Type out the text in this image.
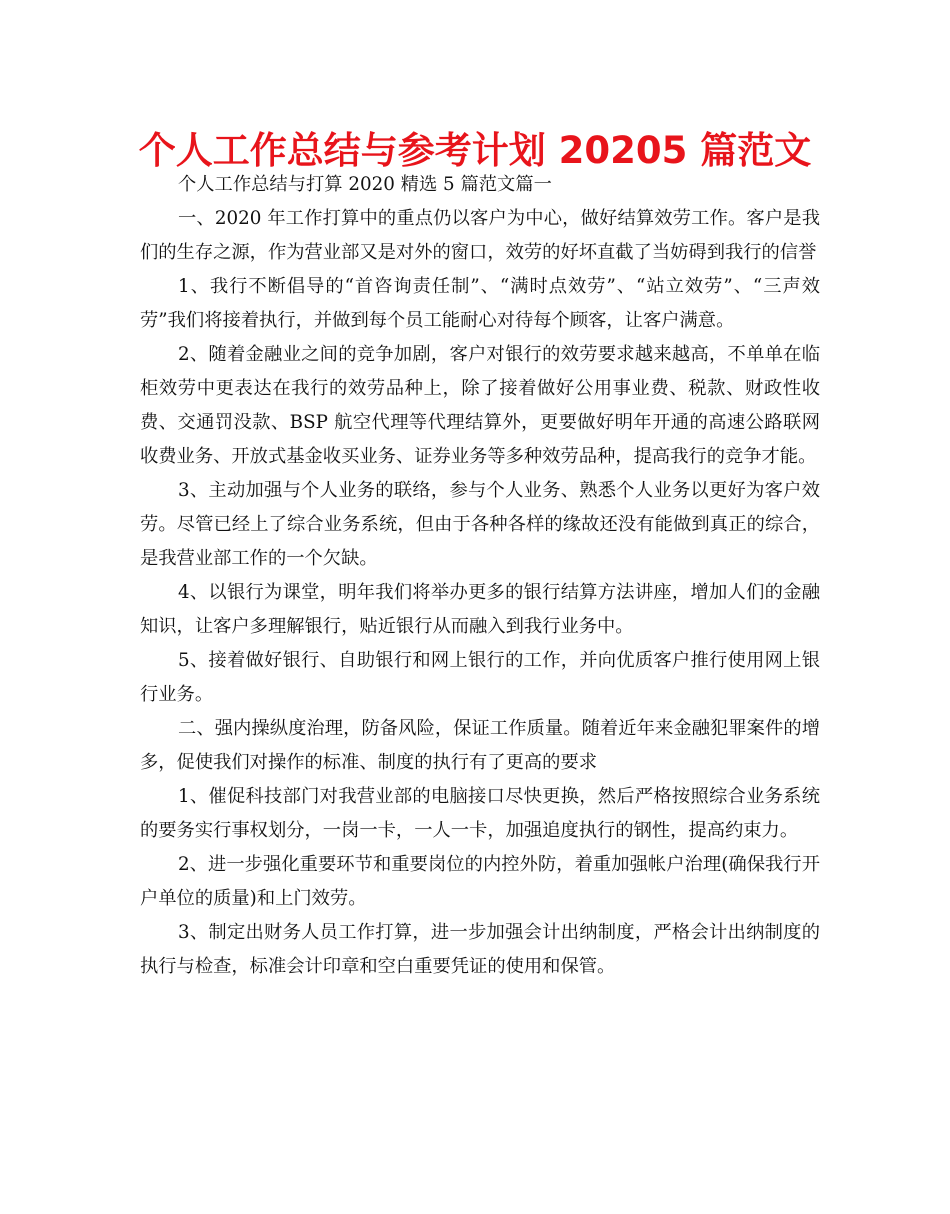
个人工作总结与参考计划 20205 篇范文

个人工作总结与打算 2020 精选 5 篇范文篇一

一、2020 年工作打算中的重点仍以客户为中心，做好结算效劳工作。客户是我们的生存之源，作为营业部又是对外的窗口，效劳的好坏直截了当妨碍到我行的信誉

1、我行不断倡导的“首咨询责任制”、“满时点效劳”、“站立效劳”、“三声效劳”我们将接着执行，并做到每个员工能耐心对待每个顾客，让客户满意。

2、随着金融业之间的竞争加剧，客户对银行的效劳要求越来越高，不单单在临柜效劳中更表达在我行的效劳品种上，除了接着做好公用事业费、税款、财政性收费、交通罚没款、BSP 航空代理等代理结算外，更要做好明年开通的高速公路联网收费业务、开放式基金收买业务、证券业务等多种效劳品种，提高我行的竞争才能。

3、主动加强与个人业务的联络，参与个人业务、熟悉个人业务以更好为客户效劳。尽管已经上了综合业务系统，但由于各种各样的缘故还没有能做到真正的综合，是我营业部工作的一个欠缺。

4、以银行为课堂，明年我们将举办更多的银行结算方法讲座，增加人们的金融知识，让客户多理解银行，贴近银行从而融入到我行业务中。

5、接着做好银行、自助银行和网上银行的工作，并向优质客户推行使用网上银行业务。

二、强内操纵度治理，防备风险，保证工作质量。随着近年来金融犯罪案件的增多，促使我们对操作的标准、制度的执行有了更高的要求

1、催促科技部门对我营业部的电脑接口尽快更换，然后严格按照综合业务系统的要务实行事权划分，一岗一卡，一人一卡，加强追度执行的钢性，提高约束力。

2、进一步强化重要环节和重要岗位的内控外防，着重加强帐户治理(确保我行开户单位的质量)和上门效劳。

3、制定出财务人员工作打算，进一步加强会计出纳制度，严格会计出纳制度的执行与检查，标准会计印章和空白重要凭证的使用和保管。
